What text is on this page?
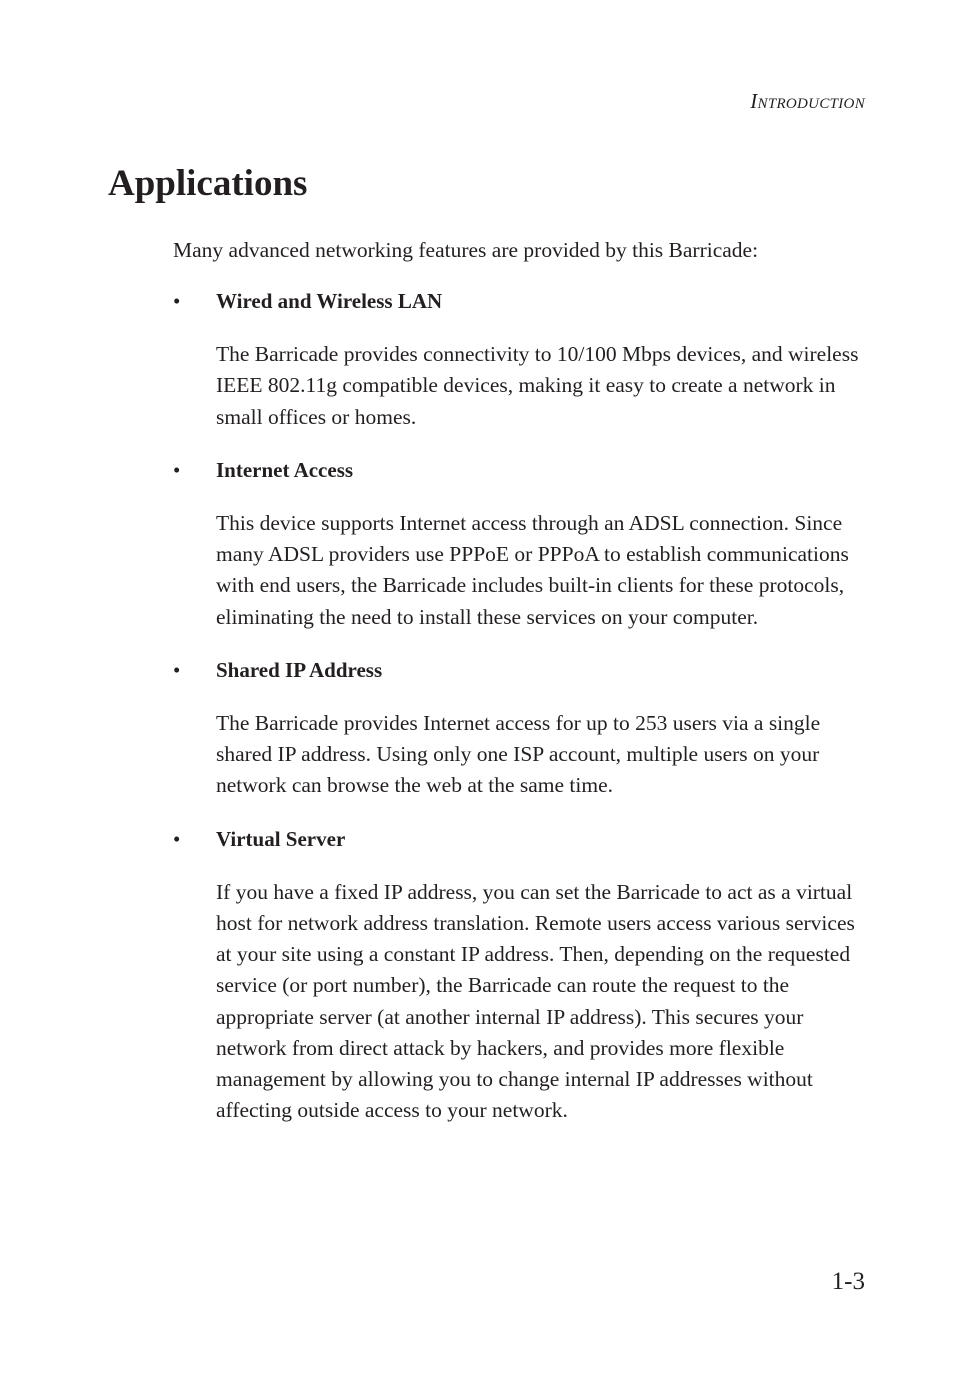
Introduction
Applications

Many advanced networking features are provided by this Barricade:

• Wired and Wireless LAN

The Barricade provides connectivity to 10/100 Mbps devices, and wireless IEEE 802.11g compatible devices, making it easy to create a network in small offices or homes.

• Internet Access

This device supports Internet access through an ADSL connection. Since many ADSL providers use PPPoE or PPPoA to establish communications with end users, the Barricade includes built-in clients for these protocols, eliminating the need to install these services on your computer.

• Shared IP Address

The Barricade provides Internet access for up to 253 users via a single shared IP address. Using only one ISP account, multiple users on your network can browse the web at the same time.

• Virtual Server

If you have a fixed IP address, you can set the Barricade to act as a virtual host for network address translation. Remote users access various services at your site using a constant IP address. Then, depending on the requested service (or port number), the Barricade can route the request to the appropriate server (at another internal IP address). This secures your network from direct attack by hackers, and provides more flexible management by allowing you to change internal IP addresses without affecting outside access to your network.

1-3
